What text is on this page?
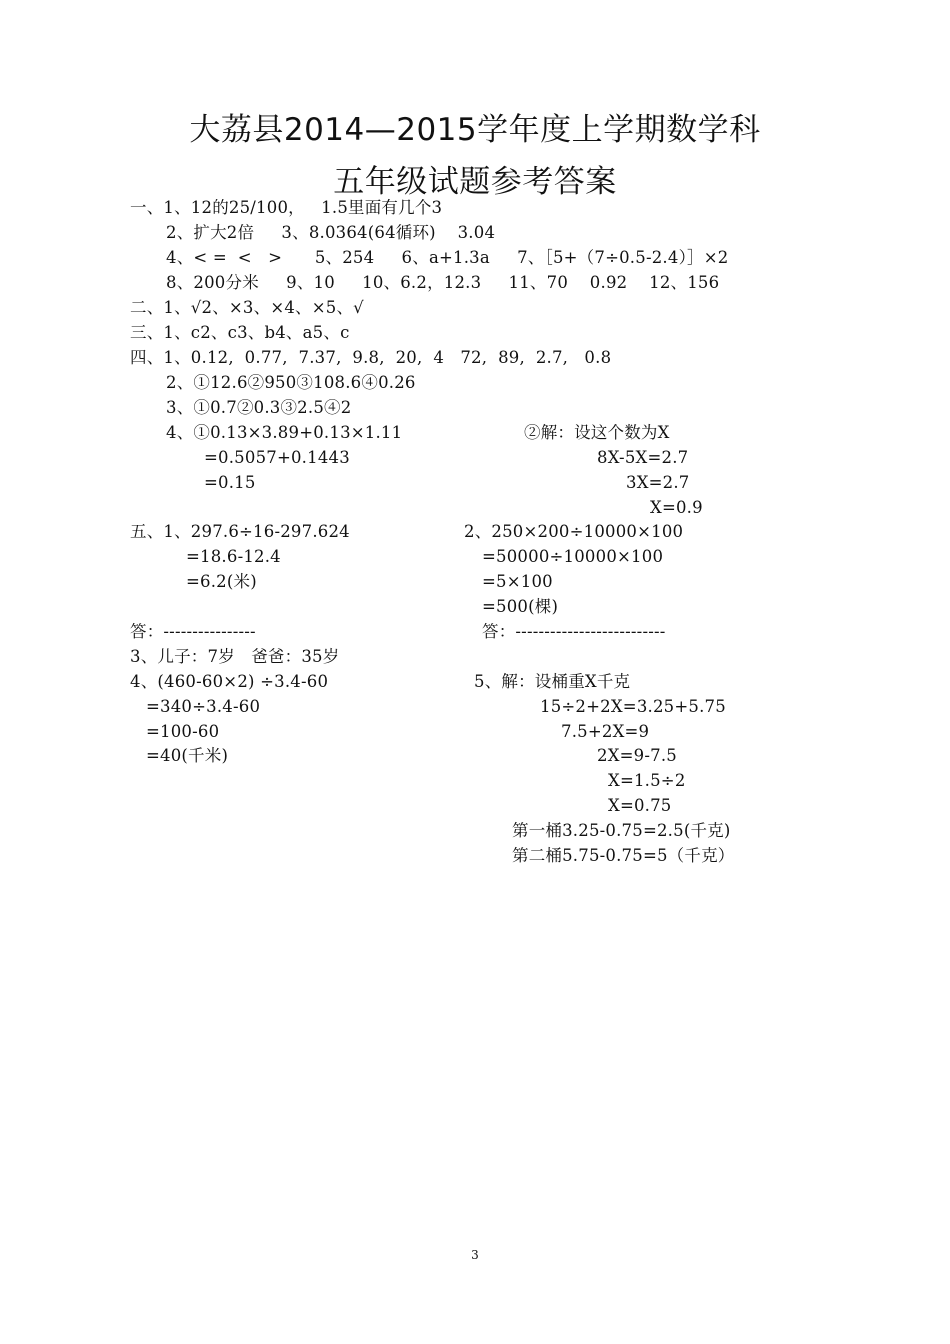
大荔县2014—2015学年度上学期数学科
五年级试题参考答案
一、1、12的25/100，   1.5里面有几个3
2、扩大2倍     3、8.0364(64循环)    3.04
4、< =  <   >      5、254     6、a+1.3a     7、［5+（7÷0.5-2.4）］×2
8、200分米     9、10     10、6.2，12.3     11、70    0.92    12、156
二、1、√2、×3、×4、×5、√
三、1、c2、c3、b4、a5、c
四、1、0.12,  0.77,  7.37,  9.8,  20,  4   72,  89,  2.7,   0.8
2、①12.6②950③108.6④0.26
3、①0.7②0.3③2.5④2
4、①0.13×3.89+0.13×1.11
=0.5057+0.1443
=0.15
②解：设这个数为X
8X-5X=2.7
3X=2.7
X=0.9
五、1、297.6÷16-297.624
=18.6-12.4
=6.2(米)
2、250×200÷10000×100
=50000÷10000×100
=5×100
=500(棵)
答：----------------	答：--------------------------
3、儿子：7岁   爸爸：35岁
4、(460-60×2) ÷3.4-60
=340÷3.4-60
=100-60
=40(千米)
5、解：设桶重X千克
15÷2+2X=3.25+5.75
7.5+2X=9
2X=9-7.5
X=1.5÷2
X=0.75
第一桶3.25-0.75=2.5(千克)
第二桶5.75-0.75=5（千克）
3
